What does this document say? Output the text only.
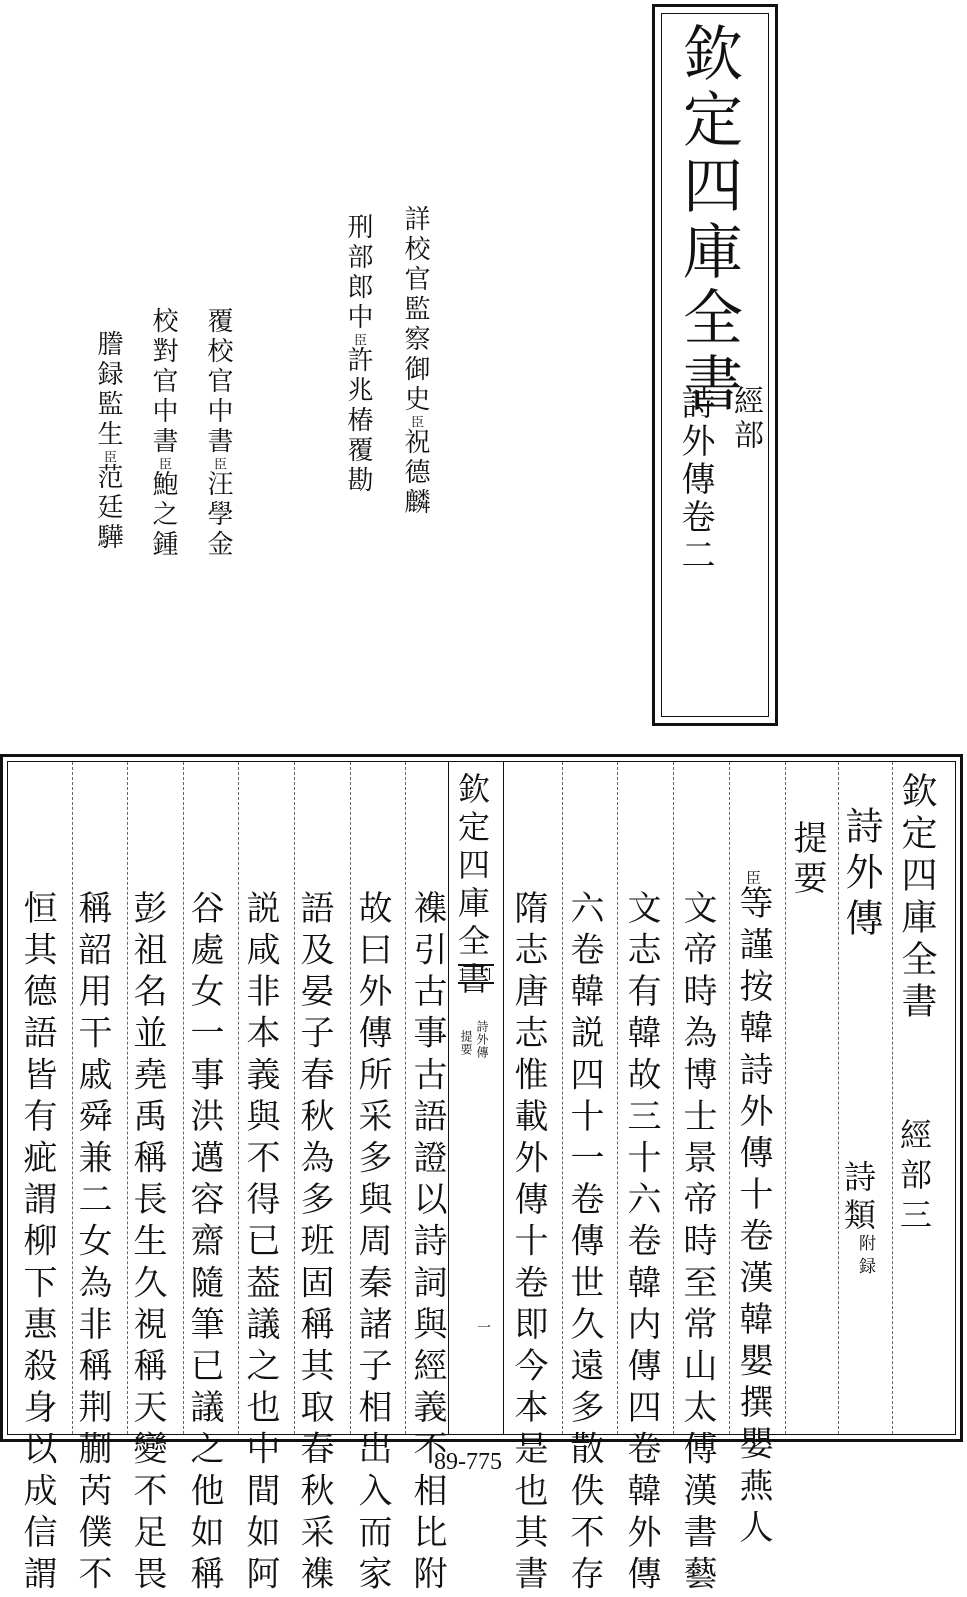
欽定四庫全書
經部
詩外傳卷二
詳校官監察御史臣祝德麟
刑部郎中臣許兆椿覆勘
覆校官中書臣汪學金
校對官中書臣鮑之鍾
謄録監生臣范廷驊
欽定四庫全書
詩外傳
提要
一
欽定四庫全書
經部三
詩外傳
詩類
附録
提要
臣等謹按韓詩外傳十卷漢韓嬰撰嬰燕人
文帝時為博士景帝時至常山太傅漢書藝
文志有韓故三十六卷韓内傳四卷韓外傳
六卷韓説四十一卷傳世久遠多散佚不存
隋志唐志惟載外傳十卷即今本是也其書
襍引古事古語證以詩詞與經義不相比附
故曰外傳所采多與周秦諸子相出入而家
語及晏子春秋為多班固稱其取春秋采襍
説咸非本義與不得已葢議之也中間如阿
谷處女一事洪邁容齋隨筆已議之他如稱
彭祖名並堯禹稱長生久視稱天變不足畏
稱韶用干戚舜兼二女為非稱荆蒯芮僕不
恒其德語皆有疵謂柳下惠殺身以成信謂	89-775
